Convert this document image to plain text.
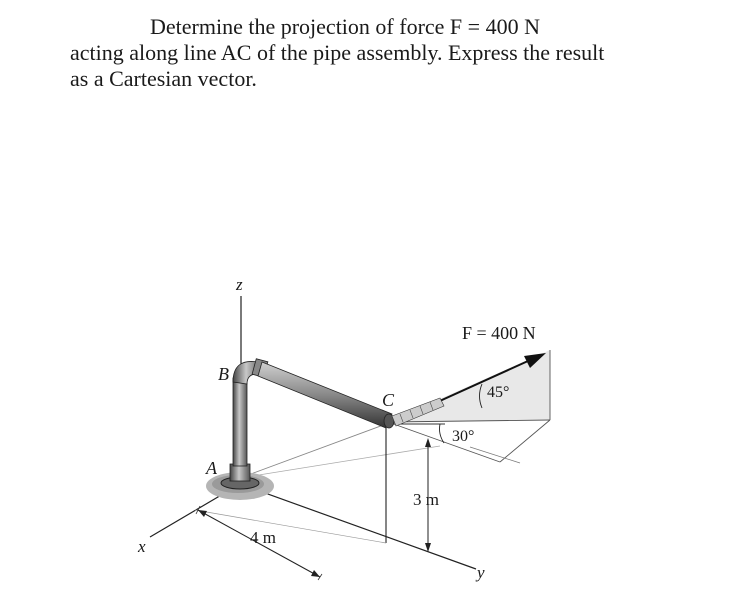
Determine the projection of force F = 400 N
acting along line AC of the pipe assembly. Express the result
as a Cartesian vector.
z
x
y
A
B
C
F = 400 N
45°
30°
4 m
3 m
